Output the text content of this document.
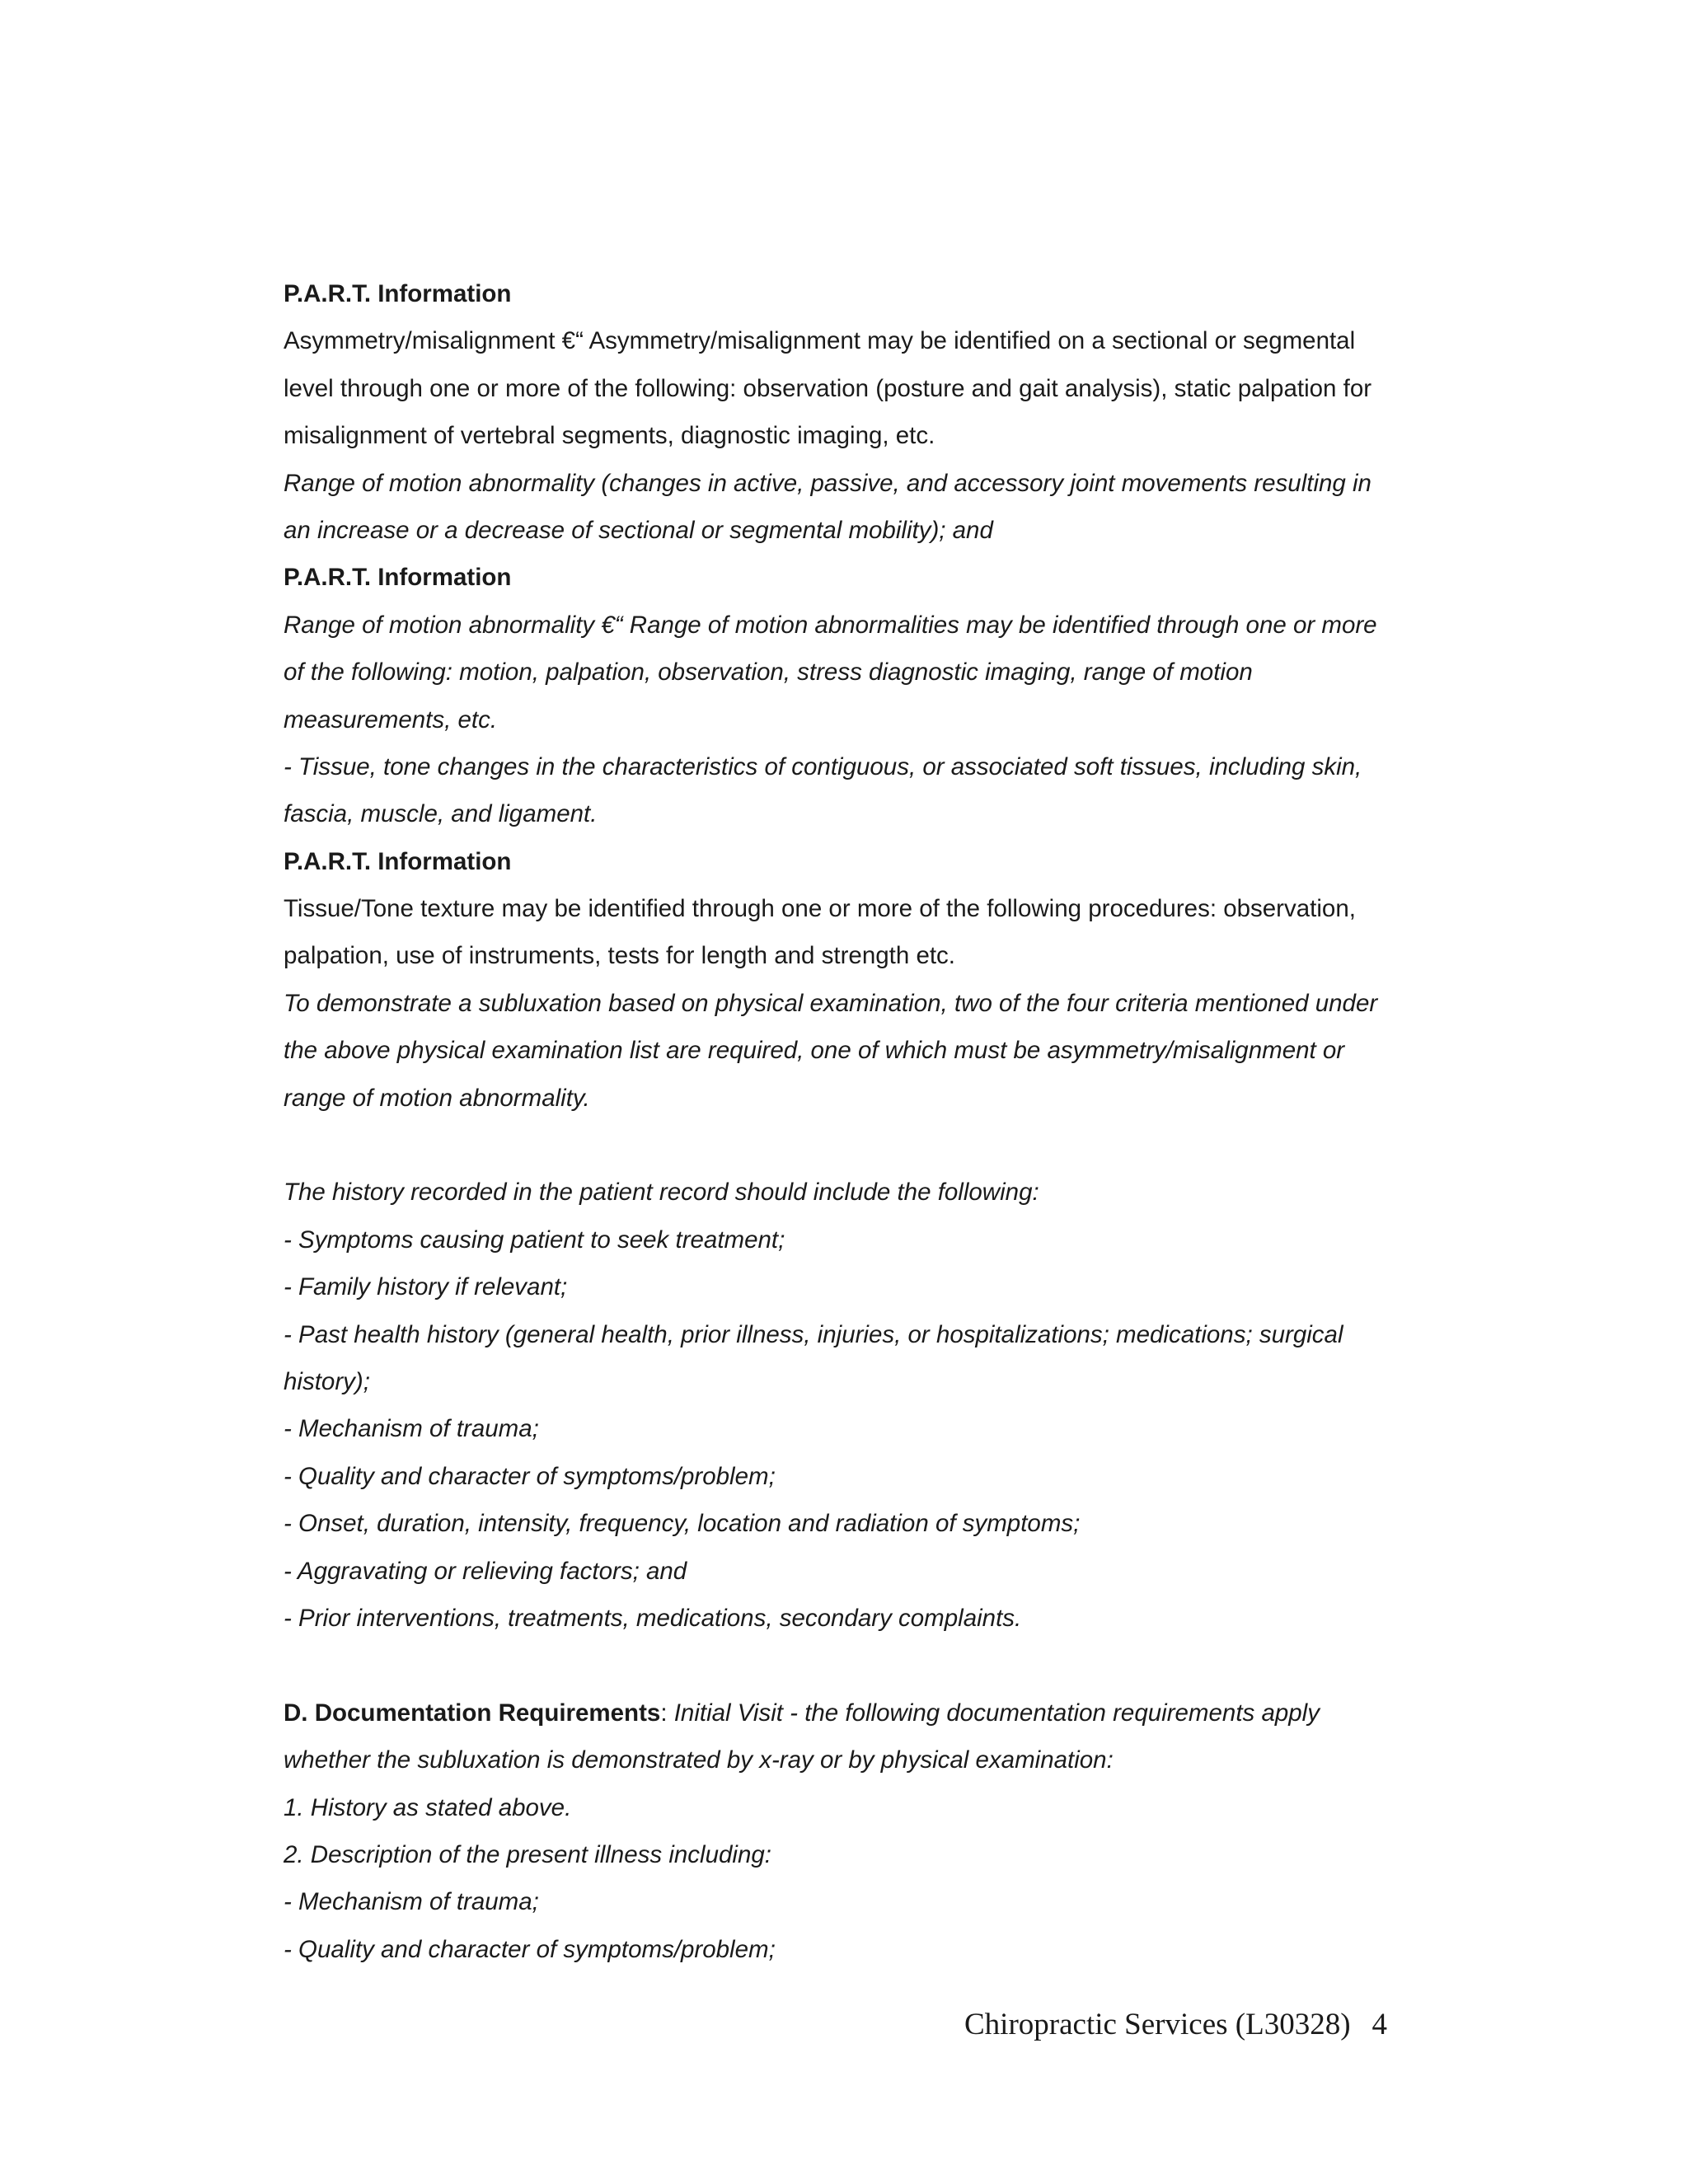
P.A.R.T. Information
Asymmetry/misalignment €“ Asymmetry/misalignment may be identified on a sectional or segmental
level through one or more of the following: observation (posture and gait analysis), static palpation for
misalignment of vertebral segments, diagnostic imaging, etc.
Range of motion abnormality (changes in active, passive, and accessory joint movements resulting in
an increase or a decrease of sectional or segmental mobility); and
P.A.R.T. Information
Range of motion abnormality €“ Range of motion abnormalities may be identified through one or more
of the following: motion, palpation, observation, stress diagnostic imaging, range of motion
measurements, etc.
- Tissue, tone changes in the characteristics of contiguous, or associated soft tissues, including skin,
fascia, muscle, and ligament.
P.A.R.T. Information
Tissue/Tone texture may be identified through one or more of the following procedures: observation,
palpation, use of instruments, tests for length and strength etc.
To demonstrate a subluxation based on physical examination, two of the four criteria mentioned under
the above physical examination list are required, one of which must be asymmetry/misalignment or
range of motion abnormality.
The history recorded in the patient record should include the following:
- Symptoms causing patient to seek treatment;
- Family history if relevant;
- Past health history (general health, prior illness, injuries, or hospitalizations; medications; surgical
history);
- Mechanism of trauma;
- Quality and character of symptoms/problem;
- Onset, duration, intensity, frequency, location and radiation of symptoms;
- Aggravating or relieving factors; and
- Prior interventions, treatments, medications, secondary complaints.
D. Documentation Requirements: Initial Visit - the following documentation requirements apply
whether the subluxation is demonstrated by x-ray or by physical examination:
1. History as stated above.
2. Description of the present illness including:
- Mechanism of trauma;
- Quality and character of symptoms/problem;
Chiropractic Services (L30328) 4
